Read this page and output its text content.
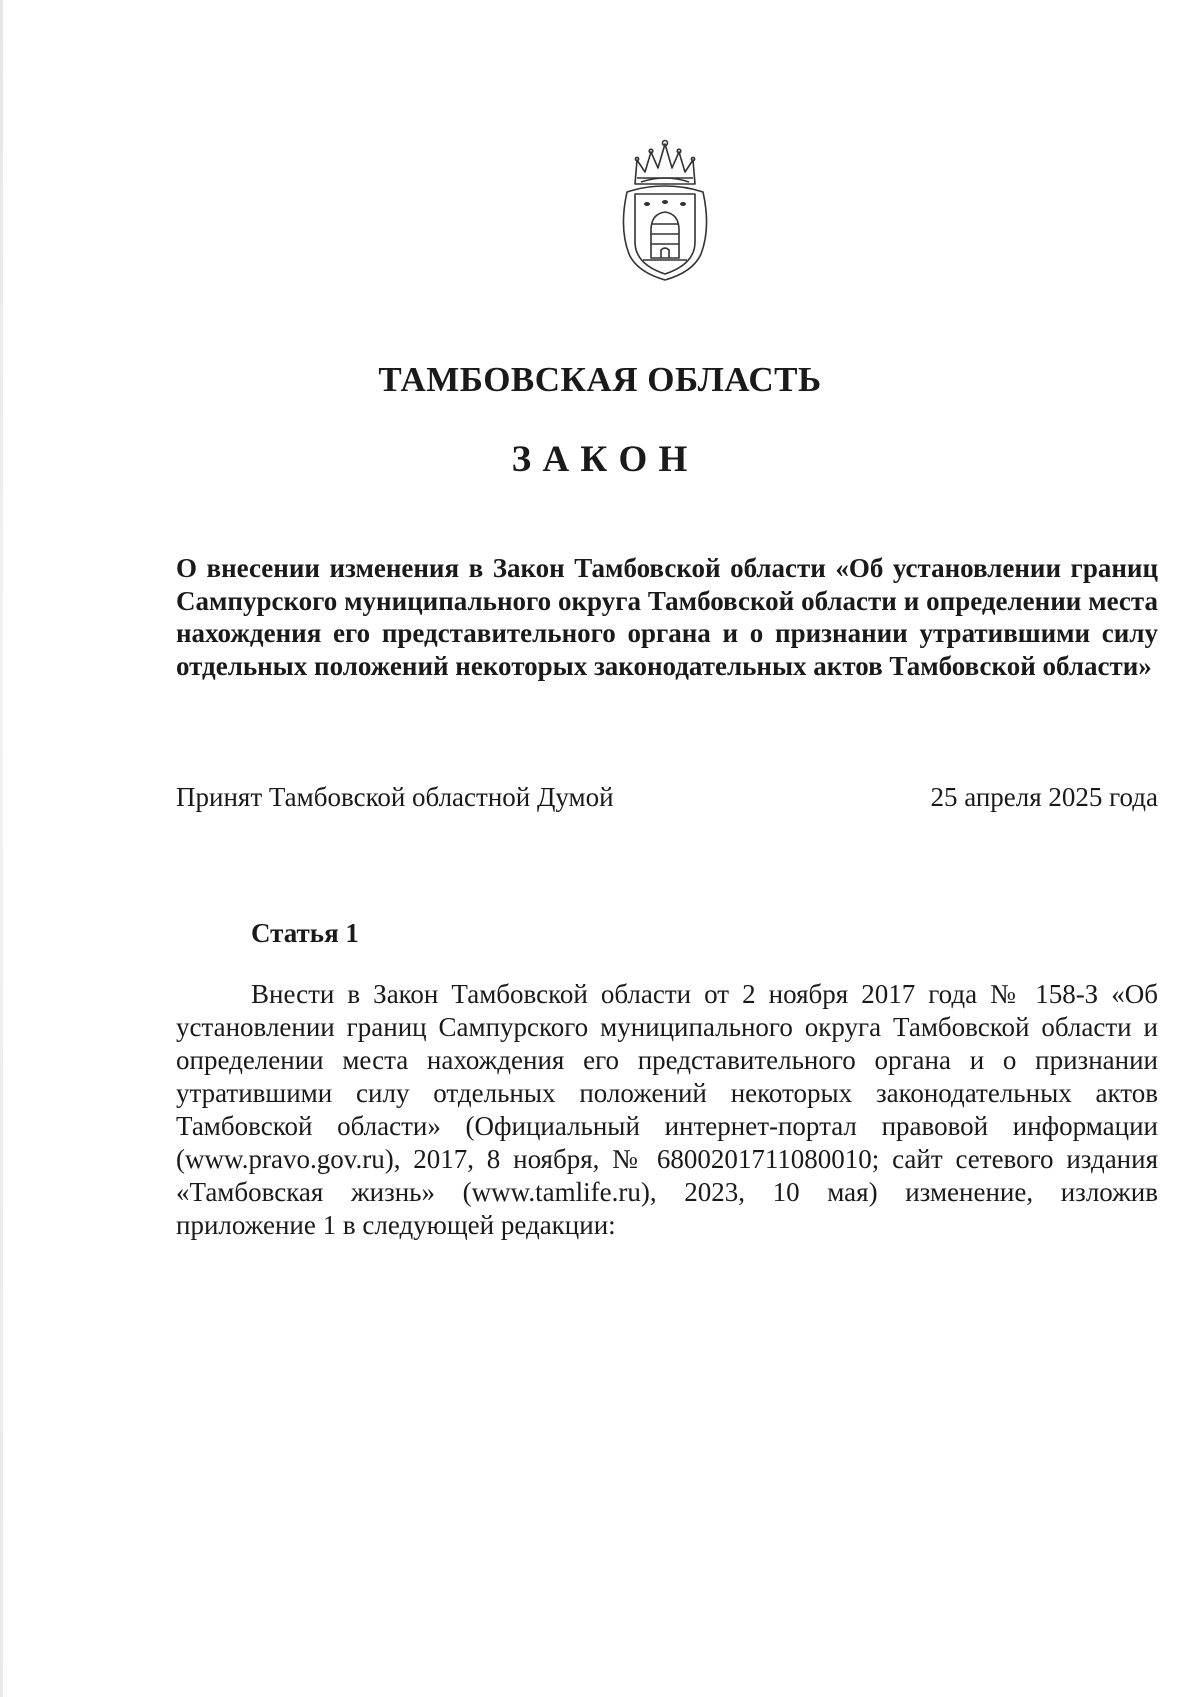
ТАМБОВСКАЯ ОБЛАСТЬ
З А К О Н
О внесении изменения в Закон Тамбовской области «Об установлении границ Сампурского муниципального округа Тамбовской области и определении места нахождения его представительного органа и о признании утратившими силу отдельных положений некоторых законодательных актов Тамбовской области»
Принят Тамбовской областной Думой	25 апреля 2025 года
Статья 1

Внести в Закон Тамбовской области от 2 ноября 2017 года № 158-З «Об установлении границ Сампурского муниципального округа Тамбовской области и определении места нахождения его представительного органа и о признании утратившими силу отдельных положений некоторых законодательных актов Тамбовской области» (Официальный интернет-портал правовой информации (www.pravo.gov.ru), 2017, 8 ноября, № 6800201711080010; сайт сетевого издания «Тамбовская жизнь» (www.tamlife.ru), 2023, 10 мая) изменение, изложив приложение 1 в следующей редакции:
